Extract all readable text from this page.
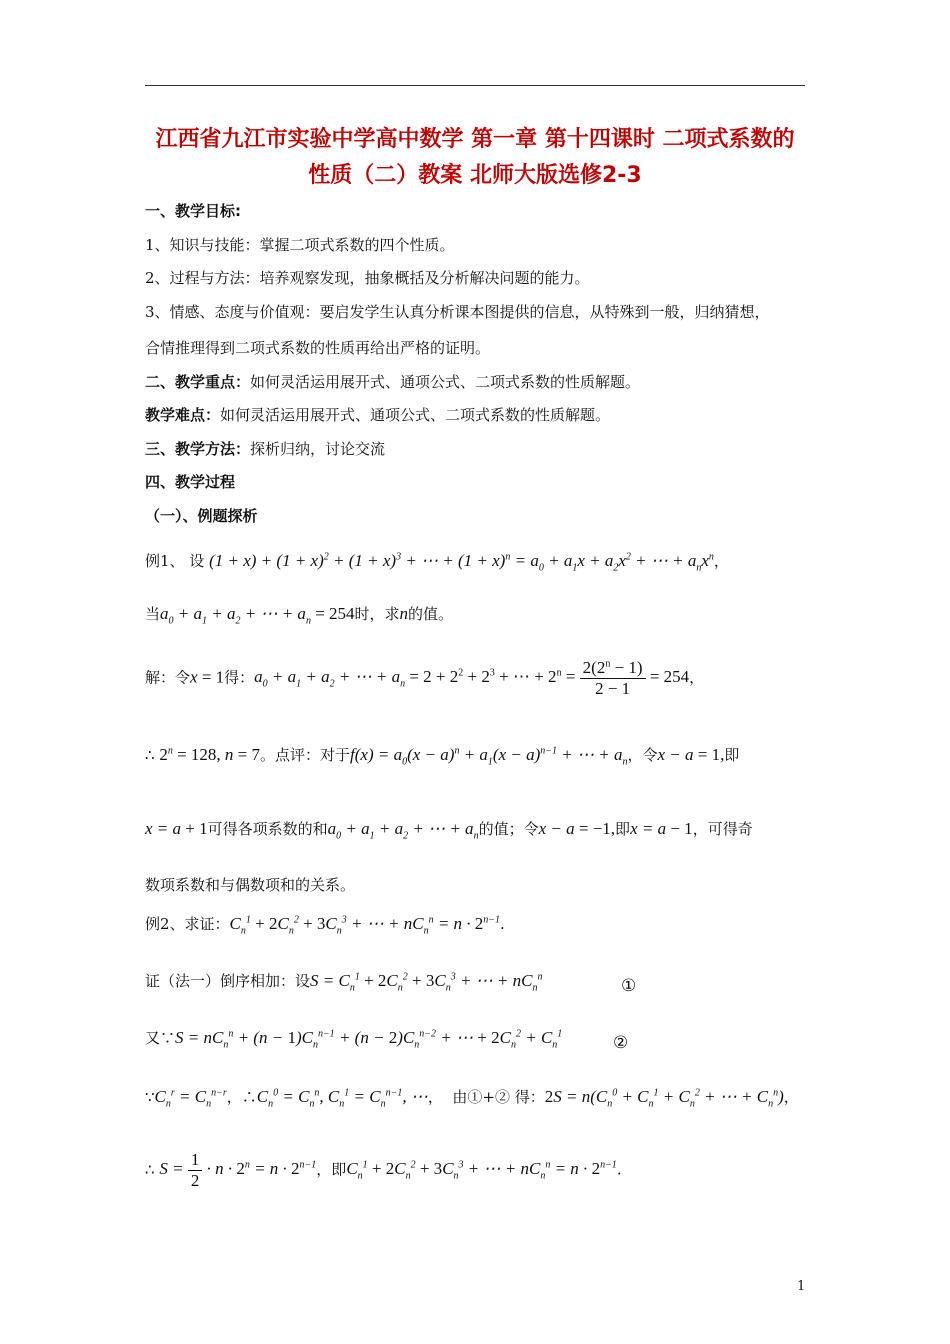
江西省九江市实验中学高中数学 第一章 第十四课时 二项式系数的
性质（二）教案 北师大版选修2-3
一、教学目标:
1、知识与技能：掌握二项式系数的四个性质。
2、过程与方法：培养观察发现，抽象概括及分析解决问题的能力。
3、情感、态度与价值观：要启发学生认真分析课本图提供的信息，从特殊到一般，归纳猜想，
合情推理得到二项式系数的性质再给出严格的证明。
二、教学重点：如何灵活运用展开式、通项公式、二项式系数的性质解题。
教学难点：如何灵活运用展开式、通项公式、二项式系数的性质解题。
三、教学方法：探析归纳，讨论交流
四、教学过程
（一）、例题探析
例1、 设 $(1 + x) + (1 + x)^2 + (1 + x)^3$ + ⋯ + $(1 + x)^n = a_0 + a_1x + a_2x^2$ + ⋯ + $a_nx^n$，
当$a_0 + a_1 + a_2$ + ⋯ + $a_n = 254$时，求n的值。
解：令x = 1得：$a_0 + a_1 + a_2$ + ⋯ + $a_n = 2 + 2^2 + 2^3$ + ⋯ + $2^n = \frac{2(2^n - 1)}{2 - 1} = 254$，
∴ $2^n = 128$, n = 7。点评：对于$f(x) = a_0(x - a)^n + a_1(x - a)^{n-1}$ + ⋯ + $a_n$，令x − a = 1,即
x = a + 1可得各项系数的和$a_0 + a_1 + a_2$ + ⋯ + $a_n$的值；令x − a = −1,即x = a − 1，可得奇
数项系数和与偶数项和的关系。
例2、求证：$C_n^1 + 2C_n^2 + 3C_n^3$ + ⋯ + $nC_n^n = n \cdot 2^{n-1}$.
证（法一）倒序相加：设$S = C_n^1 + 2C_n^2 + 3C_n^3$ + ⋯ + $nC_n^n$	①
又∵S = $nC_n^n + (n - 1)C_n^{n-1} + (n - 2)C_n^{n-2}$ + ⋯ + $2C_n^2 + C_n^1$	②
$\because C_n^r = C_n^{n-r}$，$\therefore C_n^0 = C_n^n$, $C_n^1 = C_n^{n-1}$, ⋯，  由①+② 得：$2S = n(C_n^0 + C_n^1 + C_n^2$ + ⋯ + $C_n^n$)，
∴ $S = \frac{1}{2} \cdot n \cdot 2^n = n \cdot 2^{n-1}$，即$C_n^1 + 2C_n^2 + 3C_n^3$ + ⋯ + $nC_n^n = n \cdot 2^{n-1}$.
1
